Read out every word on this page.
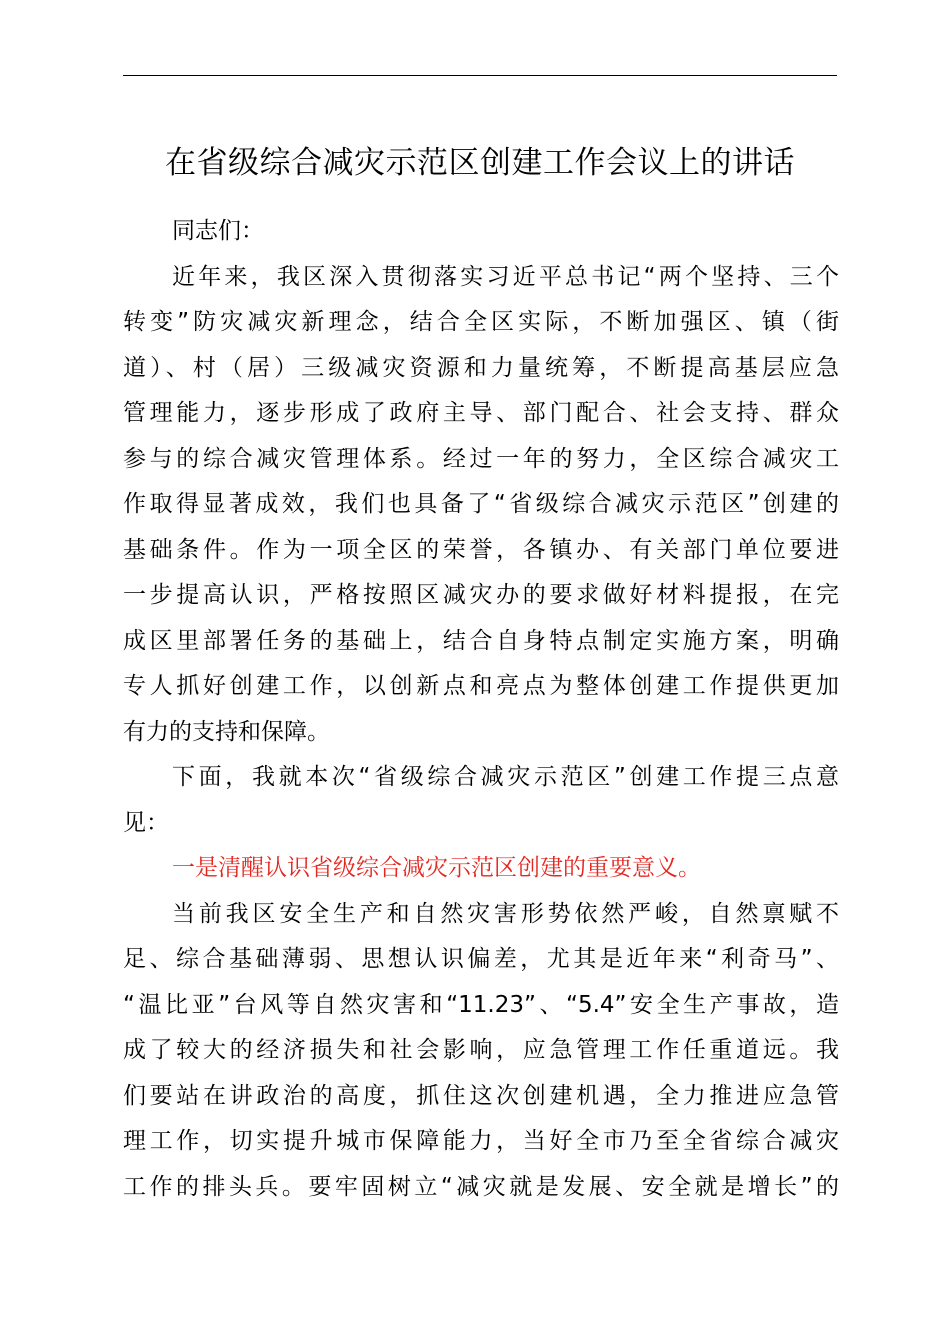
在省级综合减灾示范区创建工作会议上的讲话
同志们：
近年来，我区深入贯彻落实习近平总书记“两个坚持、三个
转变”防灾减灾新理念，结合全区实际，不断加强区、镇（街
道）、村（居）三级减灾资源和力量统筹，不断提高基层应急
管理能力，逐步形成了政府主导、部门配合、社会支持、群众
参与的综合减灾管理体系。经过一年的努力，全区综合减灾工
作取得显著成效，我们也具备了“省级综合减灾示范区”创建的
基础条件。作为一项全区的荣誉，各镇办、有关部门单位要进
一步提高认识，严格按照区减灾办的要求做好材料提报，在完
成区里部署任务的基础上，结合自身特点制定实施方案，明确
专人抓好创建工作，以创新点和亮点为整体创建工作提供更加
有力的支持和保障。
下面，我就本次“省级综合减灾示范区”创建工作提三点意
见：
一是清醒认识省级综合减灾示范区创建的重要意义。
当前我区安全生产和自然灾害形势依然严峻，自然禀赋不
足、综合基础薄弱、思想认识偏差，尤其是近年来“利奇马”、
“温比亚”台风等自然灾害和“11.23”、“5.4”安全生产事故，造
成了较大的经济损失和社会影响，应急管理工作任重道远。我
们要站在讲政治的高度，抓住这次创建机遇，全力推进应急管
理工作，切实提升城市保障能力，当好全市乃至全省综合减灾
工作的排头兵。要牢固树立“减灾就是发展、安全就是增长”的
